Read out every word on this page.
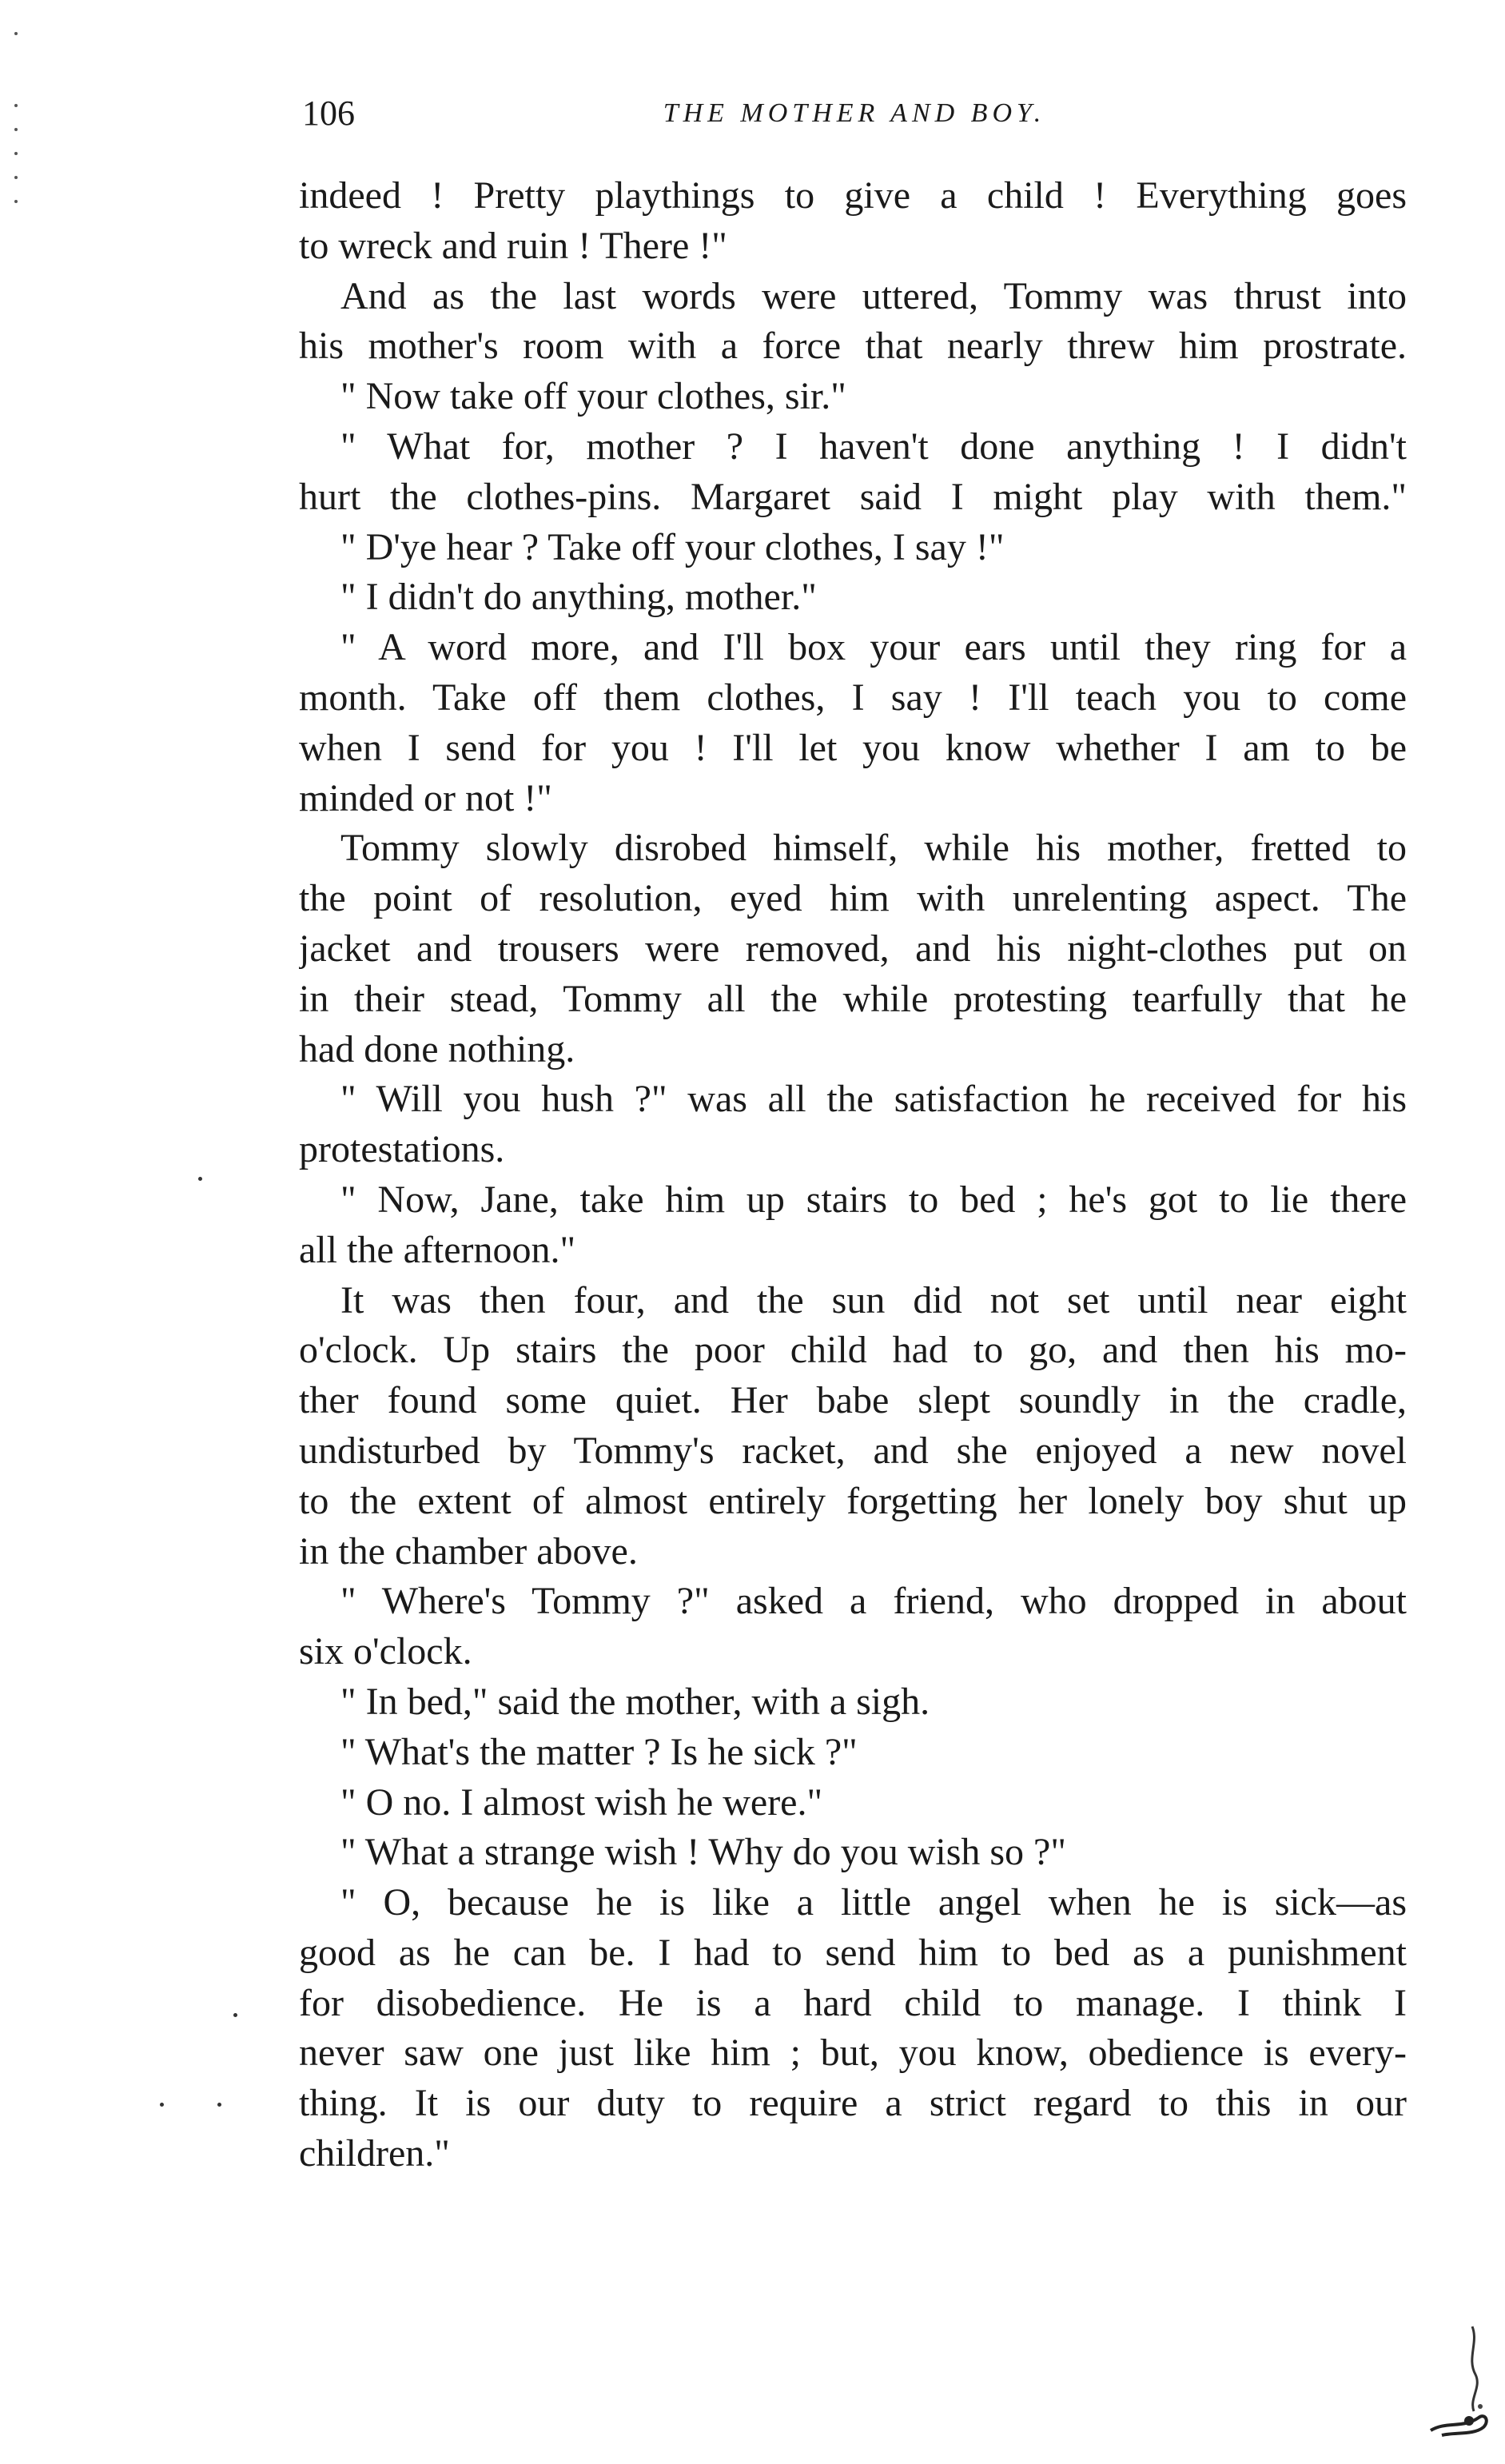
106	THE MOTHER AND BOY.
indeed ! Pretty playthings to give a child ! Everything goes
to wreck and ruin ! There !"
And as the last words were uttered, Tommy was thrust into
his mother's room with a force that nearly threw him prostrate.
" Now take off your clothes, sir."
" What for, mother ? I haven't done anything ! I didn't
hurt the clothes-pins. Margaret said I might play with them."
" D'ye hear ? Take off your clothes, I say !"
" I didn't do anything, mother."
" A word more, and I'll box your ears until they ring for a
month. Take off them clothes, I say ! I'll teach you to come
when I send for you ! I'll let you know whether I am to be
minded or not !"
Tommy slowly disrobed himself, while his mother, fretted to
the point of resolution, eyed him with unrelenting aspect. The
jacket and trousers were removed, and his night-clothes put on
in their stead, Tommy all the while protesting tearfully that he
had done nothing.
" Will you hush ?" was all the satisfaction he received for his
protestations.
" Now, Jane, take him up stairs to bed ; he's got to lie there
all the afternoon."
It was then four, and the sun did not set until near eight
o'clock. Up stairs the poor child had to go, and then his mo-
ther found some quiet. Her babe slept soundly in the cradle,
undisturbed by Tommy's racket, and she enjoyed a new novel
to the extent of almost entirely forgetting her lonely boy shut up
in the chamber above.
" Where's Tommy ?" asked a friend, who dropped in about
six o'clock.
" In bed," said the mother, with a sigh.
" What's the matter ? Is he sick ?"
" O no. I almost wish he were."
" What a strange wish ! Why do you wish so ?"
" O, because he is like a little angel when he is sick—as
good as he can be. I had to send him to bed as a punishment
for disobedience. He is a hard child to manage. I think I
never saw one just like him ; but, you know, obedience is every-
thing. It is our duty to require a strict regard to this in our
children."
